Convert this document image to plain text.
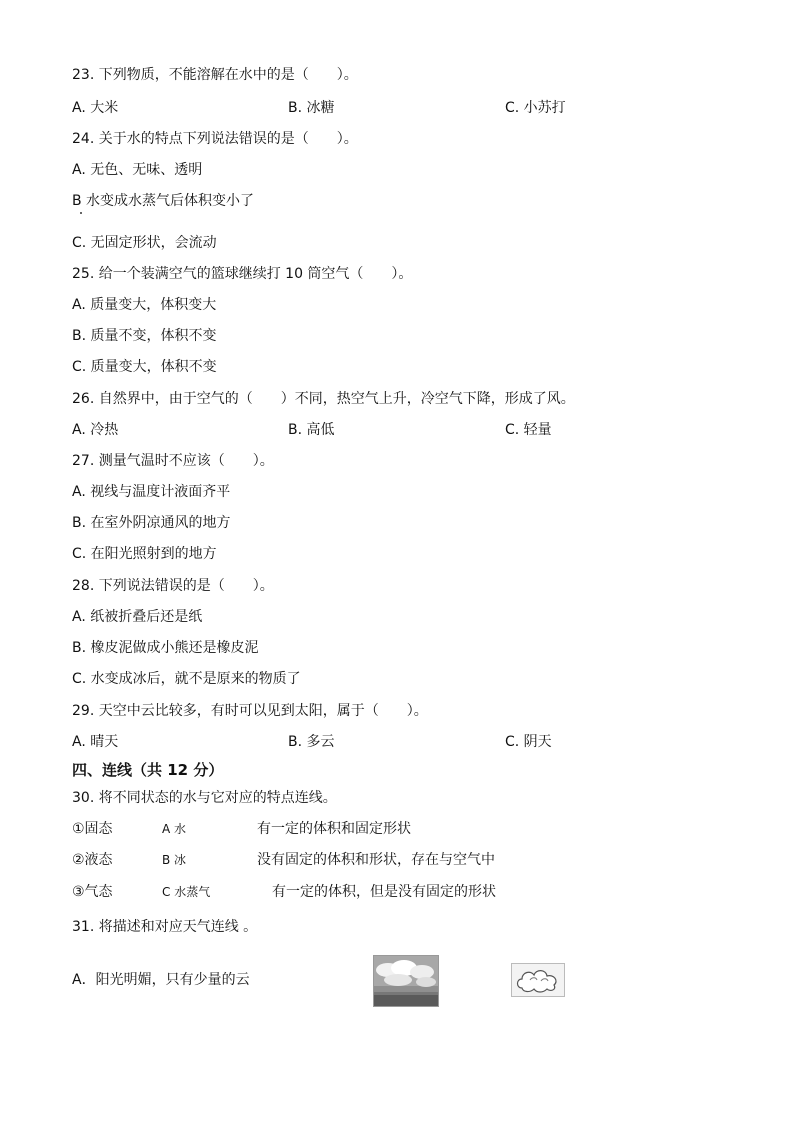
23. 下列物质，不能溶解在水中的是（　　）。
A. 大米	B. 冰糖	C. 小苏打
24. 关于水的特点下列说法错误的是（　　）。
A. 无色、无味、透明
B 水变成水蒸气后体积变小了
C. 无固定形状，会流动
25. 给一个装满空气的篮球继续打 10 筒空气（　　）。
A. 质量变大，体积变大
B. 质量不变，体积不变
C. 质量变大，体积不变
26. 自然界中，由于空气的（　　）不同，热空气上升，冷空气下降，形成了风。
A. 冷热	B. 高低	C. 轻量
27. 测量气温时不应该（　　）。
A. 视线与温度计液面齐平
B. 在室外阴凉通风的地方
C. 在阳光照射到的地方
28. 下列说法错误的是（　　）。
A. 纸被折叠后还是纸
B. 橡皮泥做成小熊还是橡皮泥
C. 水变成冰后，就不是原来的物质了
29. 天空中云比较多，有时可以见到太阳，属于（　　）。
A. 晴天	B. 多云	C. 阴天
四、连线（共 12 分）
30. 将不同状态的水与它对应的特点连线。
①固态	A 水	有一定的体积和固定形状
②液态	B 冰	没有固定的体积和形状，存在与空气中
③气态	C 水蒸气	有一定的体积，但是没有固定的形状
31. 将描述和对应天气连线 。
A．阳光明媚，只有少量的云
